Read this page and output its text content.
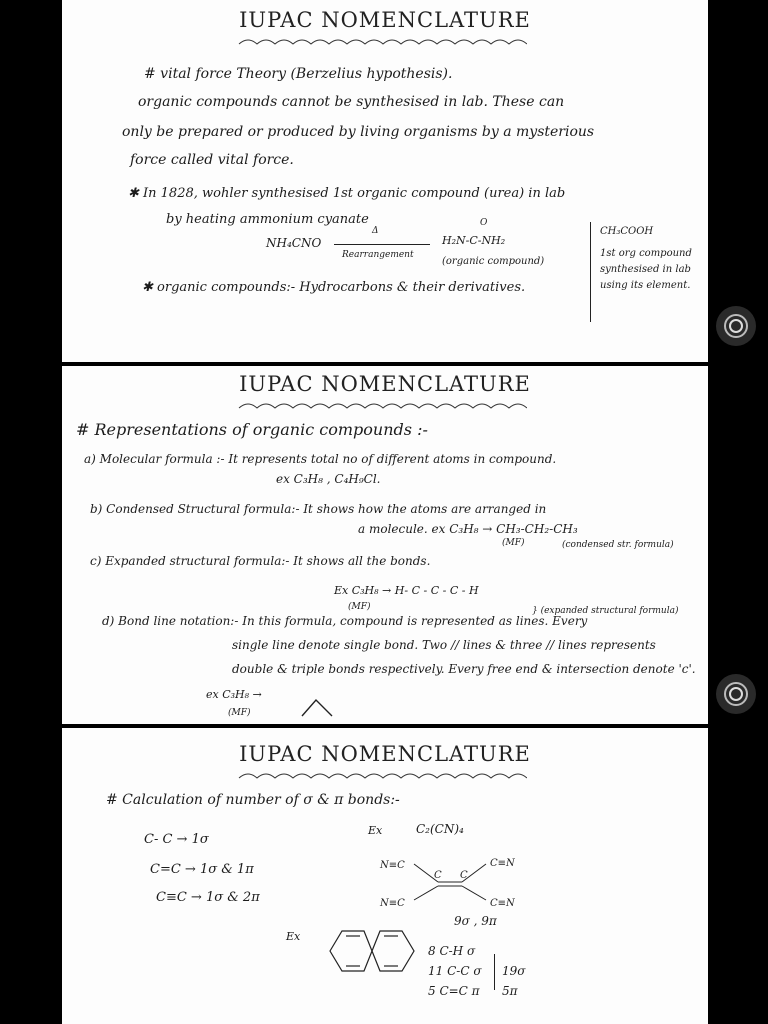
IUPAC NOMENCLATURE
# vital force Theory (Berzelius hypothesis).
organic compounds cannot be synthesised in lab. These can
only be prepared or produced by living organisms by a mysterious
force called vital force.
✱ In 1828, wohler synthesised 1st organic compound (urea) in lab
by heating ammonium cyanate
NH₄CNO
Δ
Rearrangement
O
H₂N-C-NH₂
(organic compound)
CH₃COOH
1st org compound
synthesised in lab
using its element.
✱ organic compounds:- Hydrocarbons & their derivatives.
IUPAC NOMENCLATURE
# Representations of organic compounds :-
a) Molecular formula :- It represents total no of different atoms in compound.
ex C₃H₈ , C₄H₉Cl.
b) Condensed Structural formula:- It shows how the atoms are arranged in
a molecule. ex C₃H₈ → CH₃-CH₂-CH₃
(MF)	(condensed str. formula)
c) Expanded structural formula:- It shows all the bonds.
Ex C₃H₈ → H- C - C - C - H
(MF)	} (expanded structural formula)
d) Bond line notation:- In this formula, compound is represented as lines. Every
single line denote single bond. Two // lines & three // lines represents
double & triple bonds respectively. Every free end & intersection denote 'c'.
ex C₃H₈ →
(MF)
IUPAC NOMENCLATURE
# Calculation of number of σ & π bonds:-
C- C → 1σ
C=C → 1σ & 1π
C≡C → 1σ & 2π
Ex	C₂(CN)₄
N≡C
N≡C
C≡N
C≡N
C C
9σ , 9π
Ex
8 C-H σ
11 C-C σ
5 C=C π
19σ
5π
